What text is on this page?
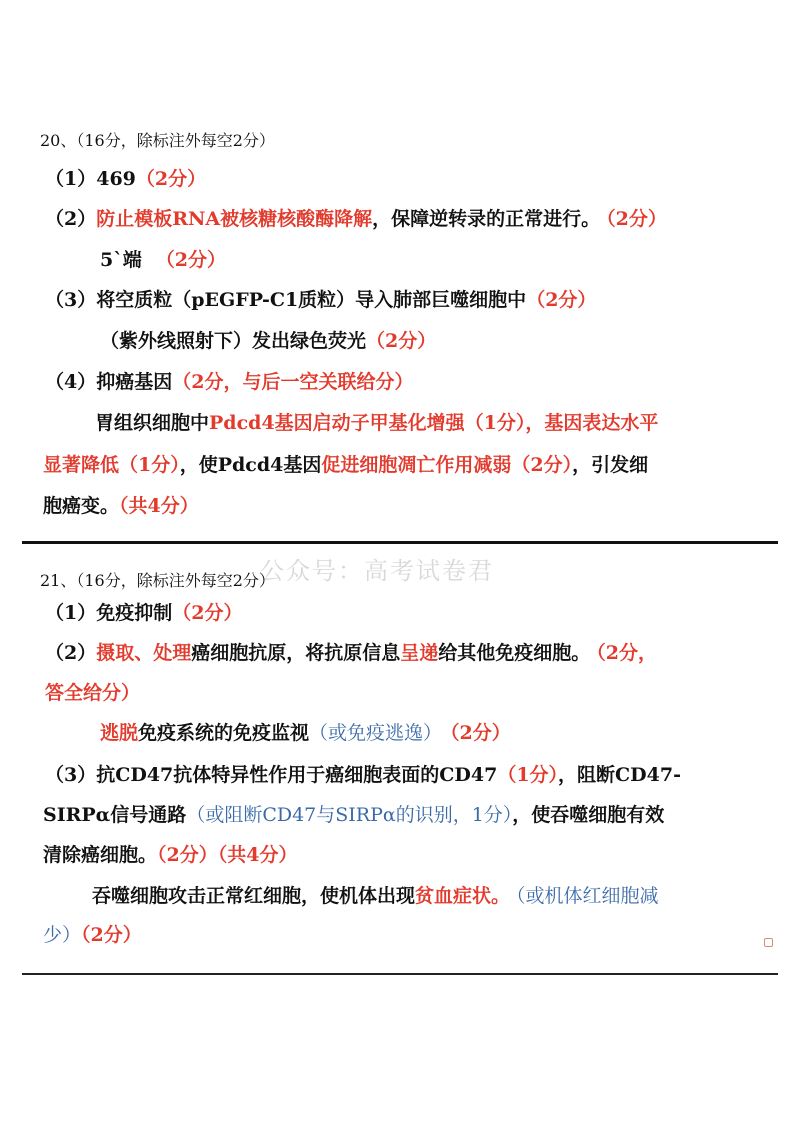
20、（16分，除标注外每空2分）
（1）469（2分）
（2）防止模板RNA被核糖核酸酶降解，保障逆转录的正常进行。 （2分）
5`端 （2分）
（3）将空质粒（pEGFP-C1质粒）导入肺部巨噬细胞中（2分）
（紫外线照射下）发出绿色荧光（2分）
（4）抑癌基因（2分，与后一空关联给分）
胃组织细胞中Pdcd4基因启动子甲基化增强（1分），基因表达水平
显著降低（1分），使Pdcd4基因促进细胞凋亡作用减弱（2分），引发细
胞癌变。（共4分）
公众号：高考试卷君
21、（16分，除标注外每空2分）
（1）免疫抑制（2分）
（2）摄取、处理癌细胞抗原，将抗原信息呈递给其他免疫细胞。 （2分，
答全给分）
逃脱免疫系统的免疫监视（或免疫逃逸） （2分）
（3）抗CD47抗体特异性作用于癌细胞表面的CD47（1分），阻断CD47-
SIRPα信号通路（或阻断CD47与SIRPα的识别，1分），使吞噬细胞有效
清除癌细胞。（2分）（共4分）
吞噬细胞攻击正常红细胞，使机体出现贫血症状。 （或机体红细胞减
少）（2分）
